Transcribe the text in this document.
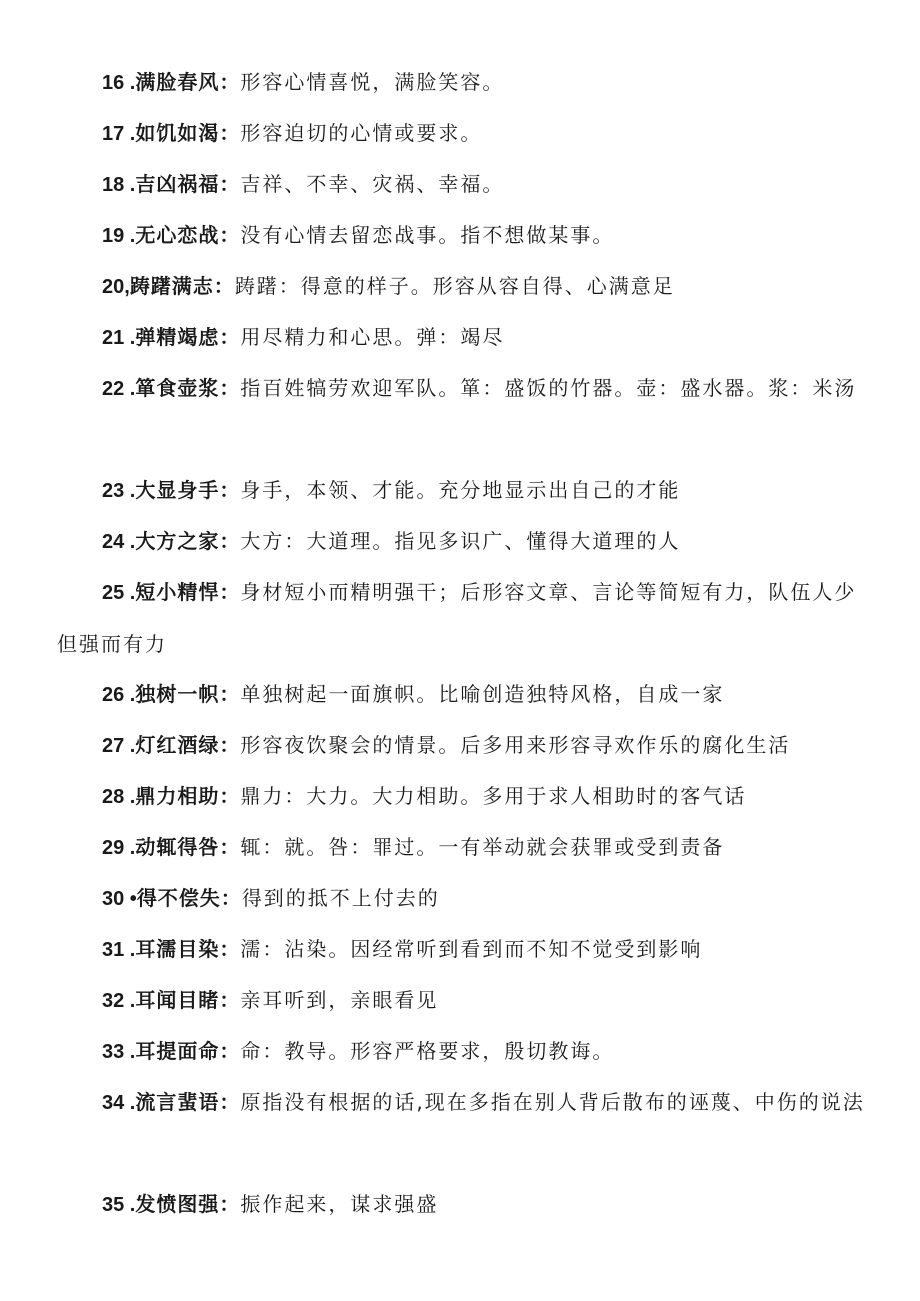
16 .满脸春风：形容心情喜悦，满脸笑容。

17 .如饥如渴：形容迫切的心情或要求。

18 .吉凶祸福：吉祥、不幸、灾祸、幸福。

19 .无心恋战：没有心情去留恋战事。指不想做某事。

20,踌躇满志：踌躇：得意的样子。形容从容自得、心满意足

21 .弹精竭虑：用尽精力和心思。弹：竭尽

22 .箪食壶浆：指百姓犒劳欢迎军队。箪：盛饭的竹器。壶：盛水器。浆：米汤

23 .大显身手：身手，本领、才能。充分地显示出自己的才能

24 .大方之家：大方：大道理。指见多识广、懂得大道理的人

25 .短小精悍：身材短小而精明强干；后形容文章、言论等简短有力，队伍人少但强而有力

26 .独树一帜：单独树起一面旗帜。比喻创造独特风格，自成一家

27 .灯红酒绿：形容夜饮聚会的情景。后多用来形容寻欢作乐的腐化生活

28 .鼎力相助：鼎力：大力。大力相助。多用于求人相助时的客气话

29 .动辄得咎：辄：就。咎：罪过。一有举动就会获罪或受到责备

30 •得不偿失：得到的抵不上付去的

31 .耳濡目染：濡：沾染。因经常听到看到而不知不觉受到影响

32 .耳闻目睹：亲耳听到，亲眼看见

33 .耳提面命：命：教导。形容严格要求，殷切教诲。

34 .流言蜚语：原指没有根据的话,现在多指在别人背后散布的诬蔑、中伤的说法

35 .发愤图强：振作起来，谋求强盛
